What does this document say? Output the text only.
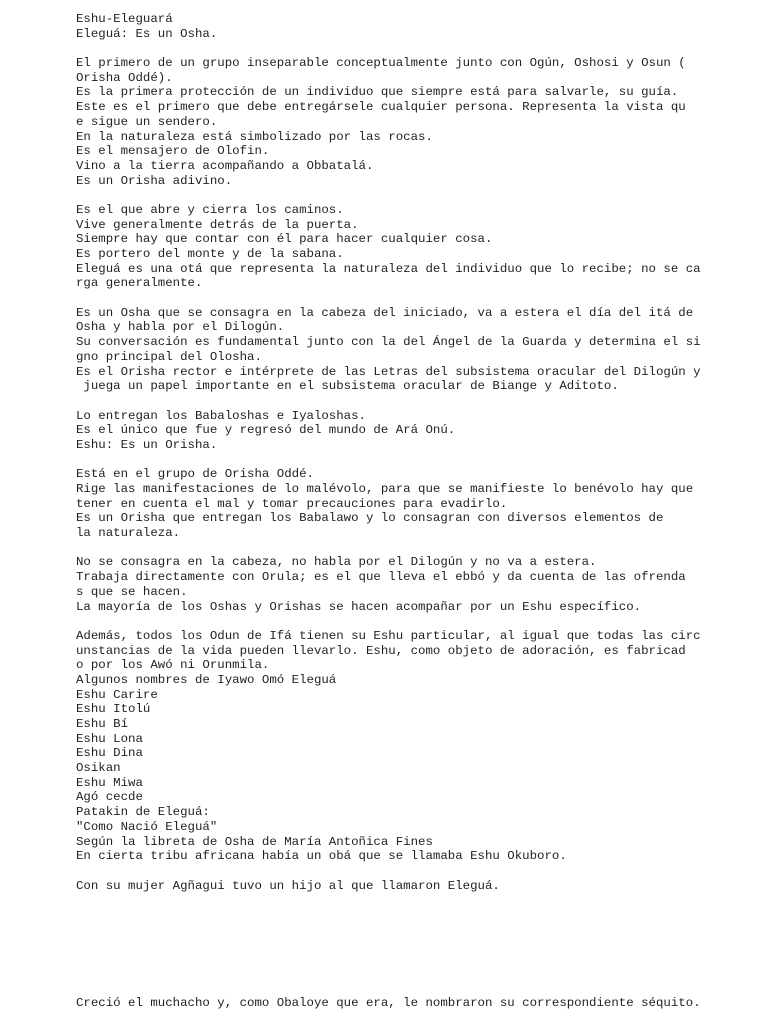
Eshu-Eleguará
Eleguá: Es un Osha.
El primero de un grupo inseparable conceptualmente junto con Ogún, Oshosi y Osun (
Orisha Oddé).
Es la primera protección de un individuo que siempre está para salvarle, su guía.
Este es el primero que debe entregársele cualquier persona. Representa la vista qu
e sigue un sendero.
En la naturaleza está simbolizado por las rocas.
Es el mensajero de Olofin.
Vino a la tierra acompañando a Obbatalá.
Es un Orisha adivino.
Es el que abre y cierra los caminos.
Vive generalmente detrás de la puerta.
Siempre hay que contar con él para hacer cualquier cosa.
Es portero del monte y de la sabana.
Eleguá es una otá que representa la naturaleza del individuo que lo recibe; no se ca
rga generalmente.
Es un Osha que se consagra en la cabeza del iniciado, va a estera el día del itá de
Osha y habla por el Dilogún.
Su conversación es fundamental junto con la del Ángel de la Guarda y determina el si
gno principal del Olosha.
Es el Orisha rector e intérprete de las Letras del subsistema oracular del Dilogún y
juega un papel importante en el subsistema oracular de Biange y Aditoto.
Lo entregan los Babaloshas e Iyaloshas.
Es el único que fue y regresó del mundo de Ará Onú.
Eshu: Es un Orisha.
Está en el grupo de Orisha Oddé.
Rige las manifestaciones de lo malévolo, para que se manifieste lo benévolo hay que
tener en cuenta el mal y tomar precauciones para evadirlo.
Es un Orisha que entregan los Babalawo y lo consagran con diversos elementos de
la naturaleza.
No se consagra en la cabeza, no habla por el Dilogún y no va a estera.
Trabaja directamente con Orula; es el que lleva el ebbó y da cuenta de las ofrenda
s que se hacen.
La mayoría de los Oshas y Orishas se hacen acompañar por un Eshu específico.
Además, todos los Odun de Ifá tienen su Eshu particular, al igual que todas las circ
unstancias de la vida pueden llevarlo. Eshu, como objeto de adoración, es fabricad
o por los Awó ni Orunmila.
Algunos nombres de Iyawo Omó Eleguá
Eshu Carire
Eshu Itolú
Eshu Bí
Eshu Lona
Eshu Dina
Osikan
Eshu Miwa
Agó cecde
Patakin de Eleguá:
"Como Nació Eleguá"
Según la libreta de Osha de María Antoñica Fines
En cierta tribu africana había un obá que se llamaba Eshu Okuboro.
Con su mujer Agñagui tuvo un hijo al que llamaron Eleguá.
Creció el muchacho y, como Obaloye que era, le nombraron su correspondiente séquito.
